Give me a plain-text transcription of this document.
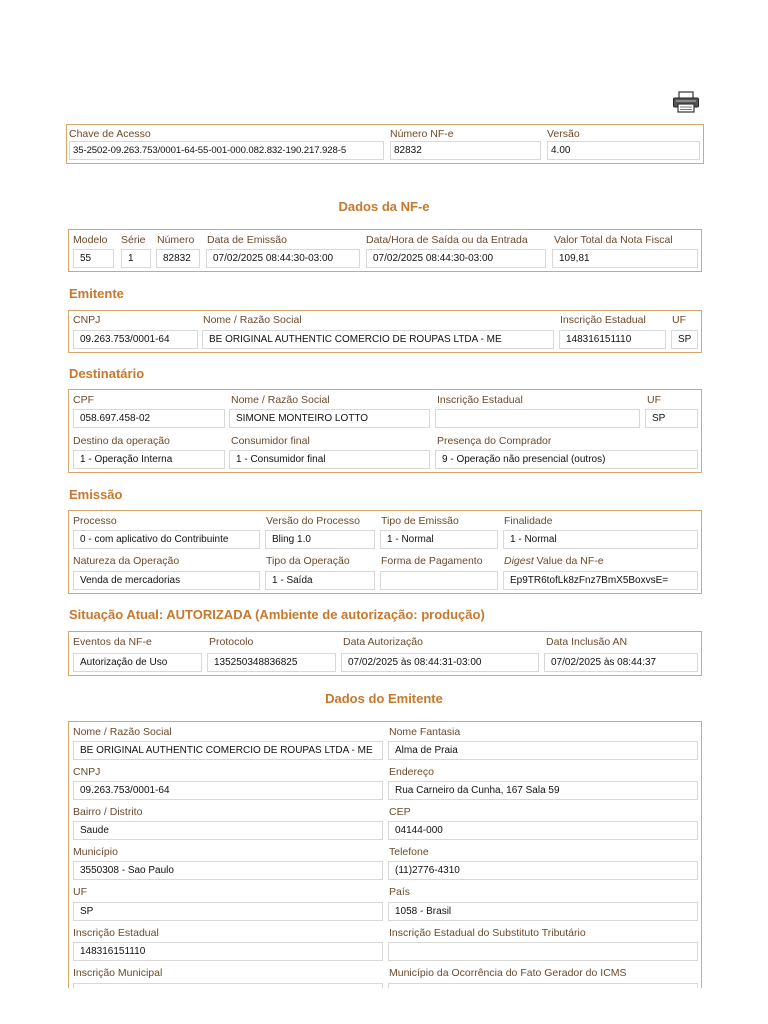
Chave de Acesso
35-2502-09.263.753/0001-64-55-001-000.082.832-190.217.928-5
Número NF-e
82832
Versão
4.00
Dados da NF-e
Modelo
55
Série
1
Número
82832
Data de Emissão
07/02/2025 08:44:30-03:00
Data/Hora de Saída ou da Entrada
07/02/2025 08:44:30-03:00
Valor Total da Nota Fiscal
109,81
Emitente
CNPJ
09.263.753/0001-64
Nome / Razão Social
BE ORIGINAL AUTHENTIC COMERCIO DE ROUPAS LTDA - ME
Inscrição Estadual
148316151110
UF
SP
Destinatário
CPF
058.697.458-02
Nome / Razão Social
SIMONE MONTEIRO LOTTO
Inscrição Estadual	UF
SP
Destino da operação
1 - Operação Interna
Consumidor final
1 - Consumidor final
Presença do Comprador
9 - Operação não presencial (outros)
Emissão
Processo
0 - com aplicativo do Contribuinte
Versão do Processo
Bling 1.0
Tipo de Emissão
1 - Normal
Finalidade
1 - Normal
Natureza da Operação
Venda de mercadorias
Tipo da Operação
1 - Saída
Forma de Pagamento Digest Value da NF-e
Ep9TR6tofLk8zFnz7BmX5BoxvsE=
Situação Atual: AUTORIZADA (Ambiente de autorização: produção)
Eventos da NF-e
Autorização de Uso
Protocolo
135250348836825
Data Autorização
07/02/2025 às 08:44:31-03:00
Data Inclusão AN
07/02/2025 às 08:44:37
Dados do Emitente
Nome / Razão Social
BE ORIGINAL AUTHENTIC COMERCIO DE ROUPAS LTDA - ME
Nome Fantasia
Alma de Praia
CNPJ
09.263.753/0001-64
Endereço
Rua Carneiro da Cunha, 167 Sala 59
Bairro / Distrito
Saude
CEP
04144-000
Município
3550308 - Sao Paulo
Telefone
(11)2776-4310
UF
SP
País
1058 - Brasil
Inscrição Estadual
148316151110
Inscrição Estadual do Substituto Tributário
Inscrição Municipal	Município da Ocorrência do Fato Gerador do ICMS
